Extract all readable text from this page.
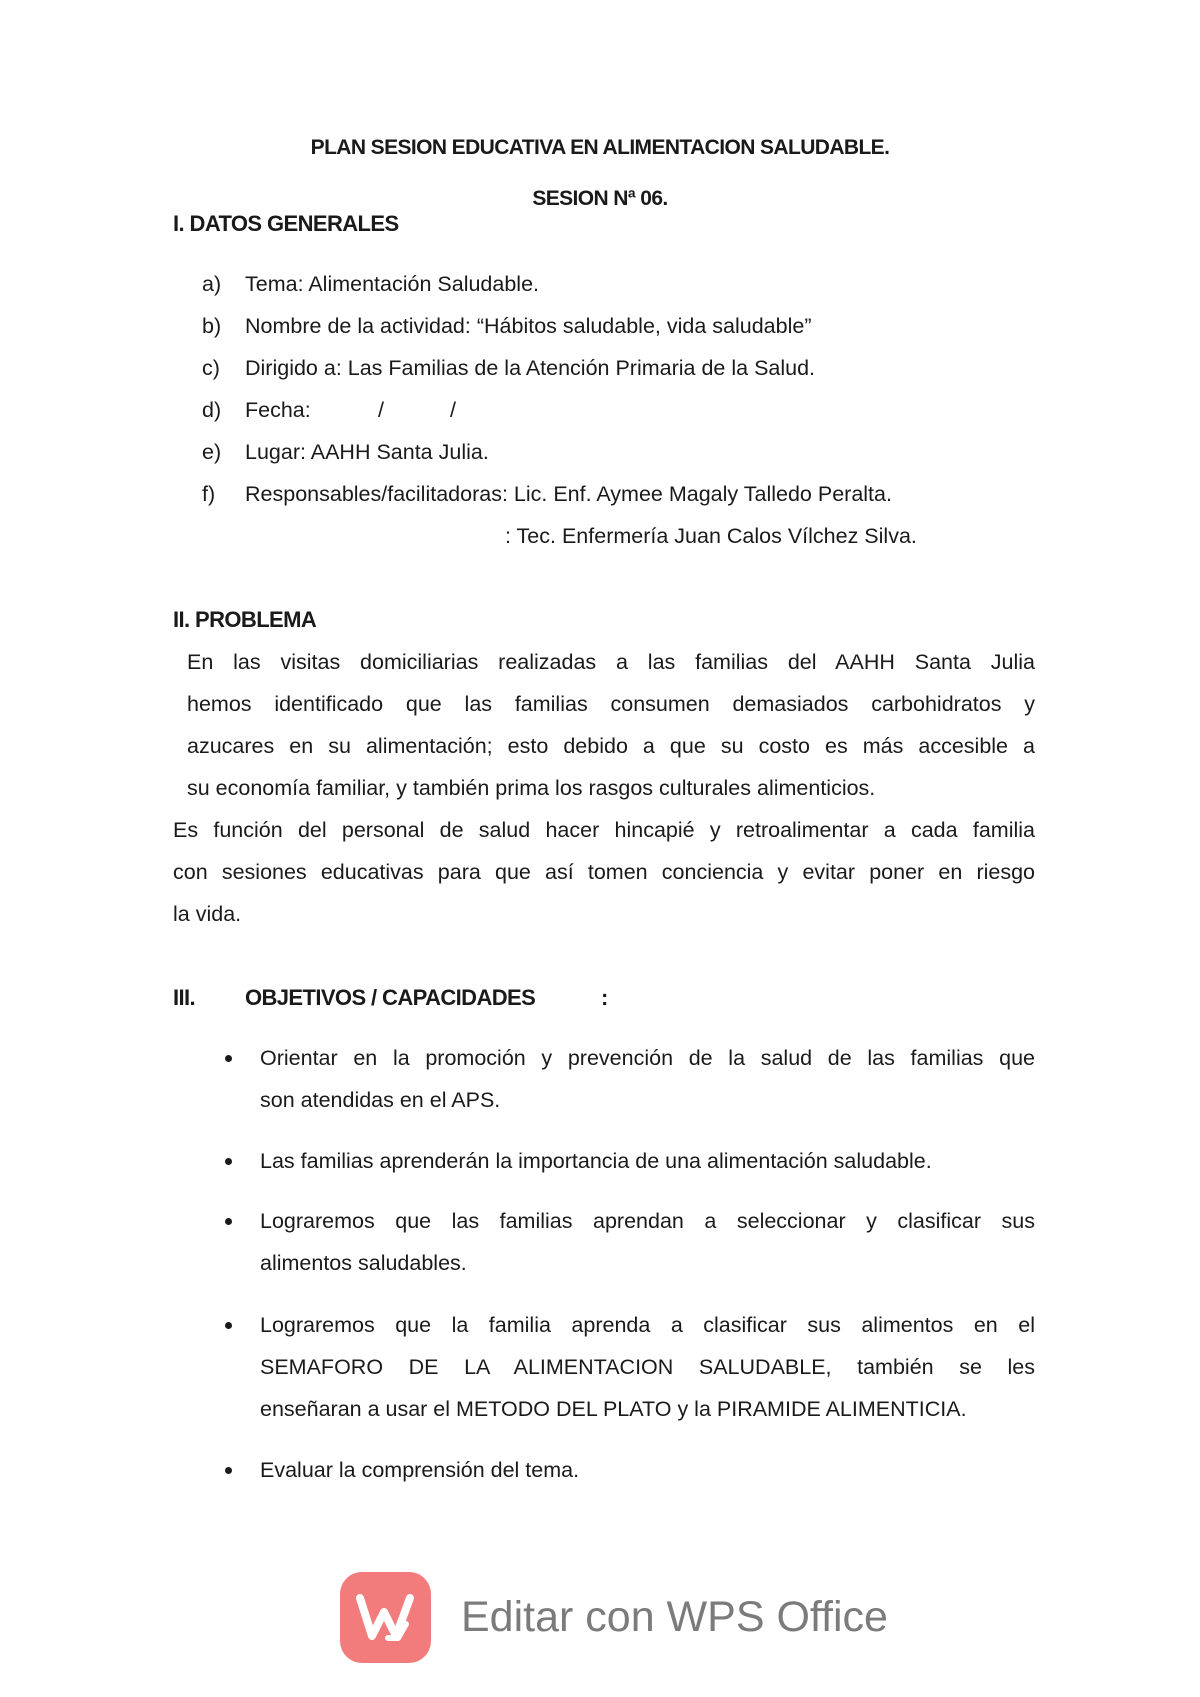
PLAN SESION EDUCATIVA EN ALIMENTACION SALUDABLE.

SESION Nª 06.

I. DATOS GENERALES

a) Tema: Alimentación Saludable.

b) Nombre de la actividad: “Hábitos saludable, vida saludable”

c) Dirigido a: Las Familias de la Atención Primaria de la Salud.

d) Fecha:	/	/

e) Lugar: AAHH Santa Julia.

f) Responsables/facilitadoras: Lic. Enf. Aymee Magaly Talledo Peralta.

: Tec. Enfermería Juan Calos Vílchez Silva.

II. PROBLEMA

En las visitas domiciliarias realizadas a las familias del AAHH Santa Julia

hemos identificado que las familias consumen demasiados carbohidratos y

azucares en su alimentación; esto debido a que su costo es más accesible a

su economía familiar, y también prima los rasgos culturales alimenticios.

Es función del personal de salud hacer hincapié y retroalimentar a cada familia

con sesiones educativas para que así tomen conciencia y evitar poner en riesgo

la vida.

III. OBJETIVOS / CAPACIDADES	:

Orientar en la promoción y prevención de la salud de las familias que

son atendidas en el APS.

Las familias aprenderán la importancia de una alimentación saludable.

Lograremos que las familias aprendan a seleccionar y clasificar sus

alimentos saludables.

Lograremos que la familia aprenda a clasificar sus alimentos en el

SEMAFORO DE LA ALIMENTACION SALUDABLE, también se les

enseñaran a usar el METODO DEL PLATO y la PIRAMIDE ALIMENTICIA.

Evaluar la comprensión del tema.

Editar con WPS Office
